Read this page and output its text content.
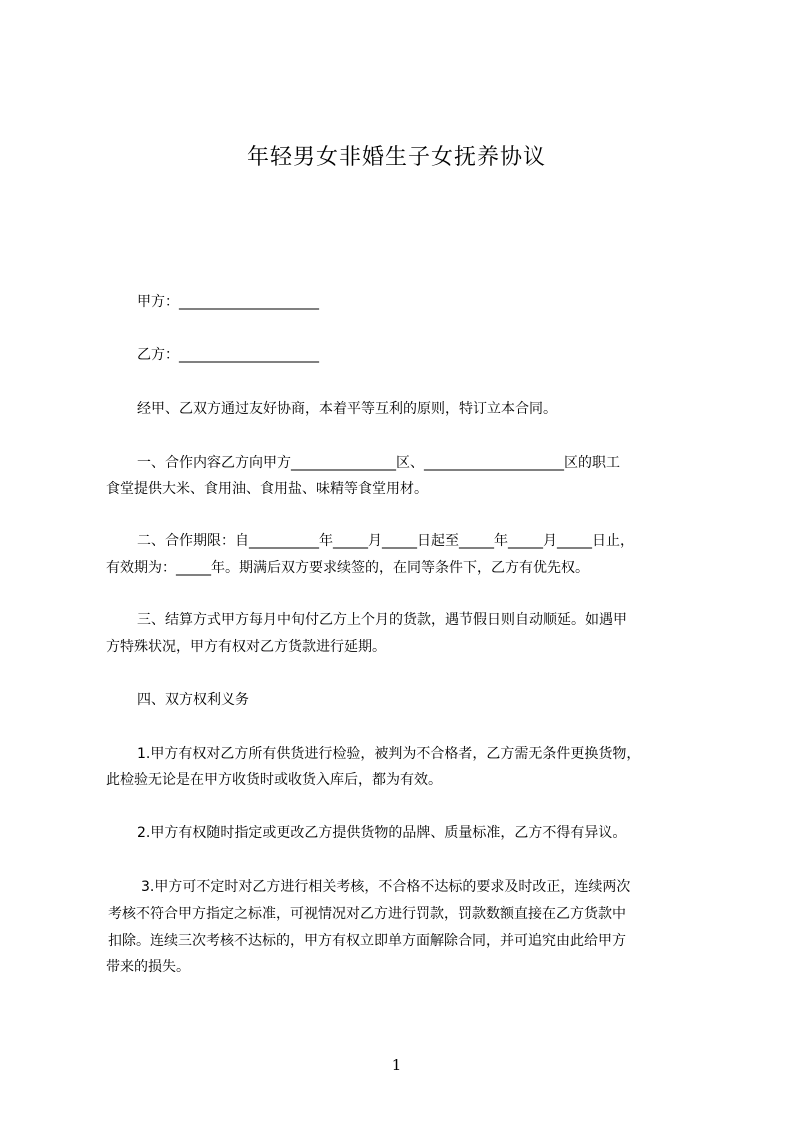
年轻男女非婚生子女抚养协议
甲方：____________________
乙方：____________________
经甲、乙双方通过友好协商，本着平等互利的原则，特订立本合同。
一、合作内容乙方向甲方_______________区、____________________区的职工
食堂提供大米、食用油、食用盐、味精等食堂用材。
二、合作期限：自__________年_____月_____日起至_____年_____月_____日止，
有效期为：_____年。期满后双方要求续签的，在同等条件下，乙方有优先权。
三、结算方式甲方每月中旬付乙方上个月的货款，遇节假日则自动顺延。如遇甲
方特殊状况，甲方有权对乙方货款进行延期。
四、双方权利义务
1.甲方有权对乙方所有供货进行检验，被判为不合格者，乙方需无条件更换货物，
此检验无论是在甲方收货时或收货入库后，都为有效。
2.甲方有权随时指定或更改乙方提供货物的品牌、质量标准，乙方不得有异议。
3.甲方可不定时对乙方进行相关考核，不合格不达标的要求及时改正，连续两次
考核不符合甲方指定之标准，可视情况对乙方进行罚款，罚款数额直接在乙方货款中
扣除。连续三次考核不达标的，甲方有权立即单方面解除合同，并可追究由此给甲方
带来的损失。
1
